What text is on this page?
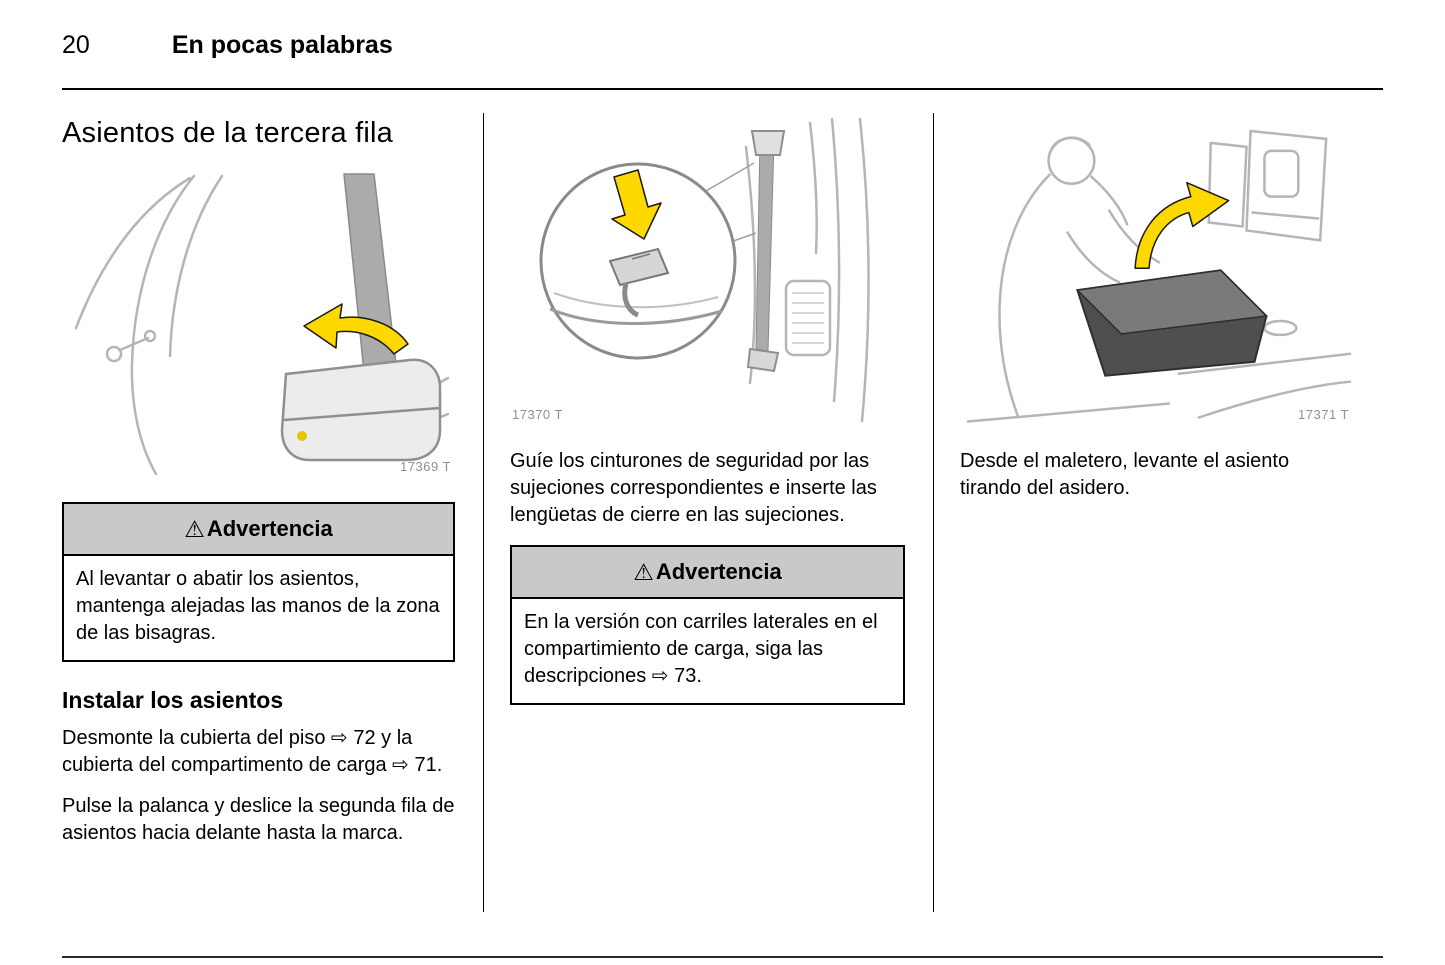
20	En pocas palabras
Asientos de la tercera fila
17369 T
⚠ Advertencia
Al levantar o abatir los asientos, mantenga alejadas las manos de la zona de las bisagras.
Instalar los asientos

Desmonte la cubierta del piso ⇨ 72 y la cubierta del compartimento de carga ⇨ 71.

Pulse la palanca y deslice la segunda fila de asientos hacia delante hasta la marca.

17370 T

Guíe los cinturones de seguridad por las sujeciones correspondientes e inserte las lengüetas de cierre en las sujeciones.

⚠ Advertencia
En la versión con carriles laterales en el compartimiento de carga, siga las descripciones ⇨ 73.
17371 T

Desde el maletero, levante el asiento tirando del asidero.
